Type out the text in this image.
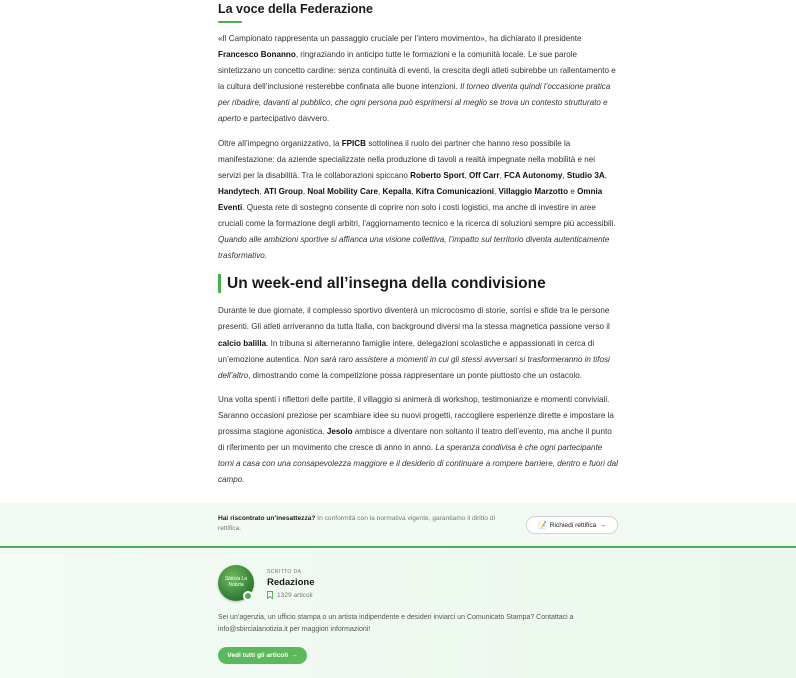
La voce della Federazione

«Il Campionato rappresenta un passaggio cruciale per l’intero movimento», ha dichiarato il presidente Francesco Bonanno, ringraziando in anticipo tutte le formazioni e la comunità locale. Le sue parole sintetizzano un concetto cardine: senza continuità di eventi, la crescita degli atleti subirebbe un rallentamento e la cultura dell’inclusione resterebbe confinata alle buone intenzioni. Il torneo diventa quindi l’occasione pratica per ribadire, davanti al pubblico, che ogni persona può esprimersi al meglio se trova un contesto strutturato e aperto e partecipativo davvero.

Oltre all’impegno organizzativo, la FPICB sottolinea il ruolo dei partner che hanno reso possibile la manifestazione: da aziende specializzate nella produzione di tavoli a realtà impegnate nella mobilità e nei servizi per la disabilità. Tra le collaborazioni spiccano Roberto Sport, Off Carr, FCA Autonomy, Studio 3A, Handytech, ATI Group, Noal Mobility Care, Kepalla, Kifra Comunicazioni, Villaggio Marzotto e Omnia Eventi. Questa rete di sostegno consente di coprire non solo i costi logistici, ma anche di investire in aree cruciali come la formazione degli arbitri, l’aggiornamento tecnico e la ricerca di soluzioni sempre più accessibili. Quando alle ambizioni sportive si affianca una visione collettiva, l’impatto sul territorio diventa autenticamente trasformativo.

Un week-end all’insegna della condivisione

Durante le due giornate, il complesso sportivo diventerà un microcosmo di storie, sorrisi e sfide tra le persone presenti. Gli atleti arriveranno da tutta Italia, con background diversi ma la stessa magnetica passione verso il calcio balilla. In tribuna si alterneranno famiglie intere, delegazioni scolastiche e appassionati in cerca di un’emozione autentica. Non sarà raro assistere a momenti in cui gli stessi avversari si trasformeranno in tifosi dell’altro, dimostrando come la competizione possa rappresentare un ponte piuttosto che un ostacolo.

Una volta spenti i riflettori delle partite, il villaggio si animerà di workshop, testimonianze e momenti conviviali. Saranno occasioni preziose per scambiare idee su nuovi progetti, raccogliere esperienze dirette e impostare la prossima stagione agonistica. Jesolo ambisce a diventare non soltanto il teatro dell’evento, ma anche il punto di riferimento per un movimento che cresce di anno in anno. La speranza condivisa è che ogni partecipante torni a casa con una consapevolezza maggiore e il desiderio di continuare a rompere barriere, dentro e fuori dal campo.

Hai riscontrato un’inesattezza? In conformità con la normativa vigente, garantiamo il diritto di rettifica.	📝 Richiedi rettifica →
Sbircia La Notizia
SCRITTO DA
Redazione
1329 articoli
Sei un’agenzia, un ufficio stampa o un artista indipendente e desideri inviarci un Comunicato Stampa? Contattaci a info@sbircialanotizia.it per maggiori informazioni!
Vedi tutti gli articoli →
